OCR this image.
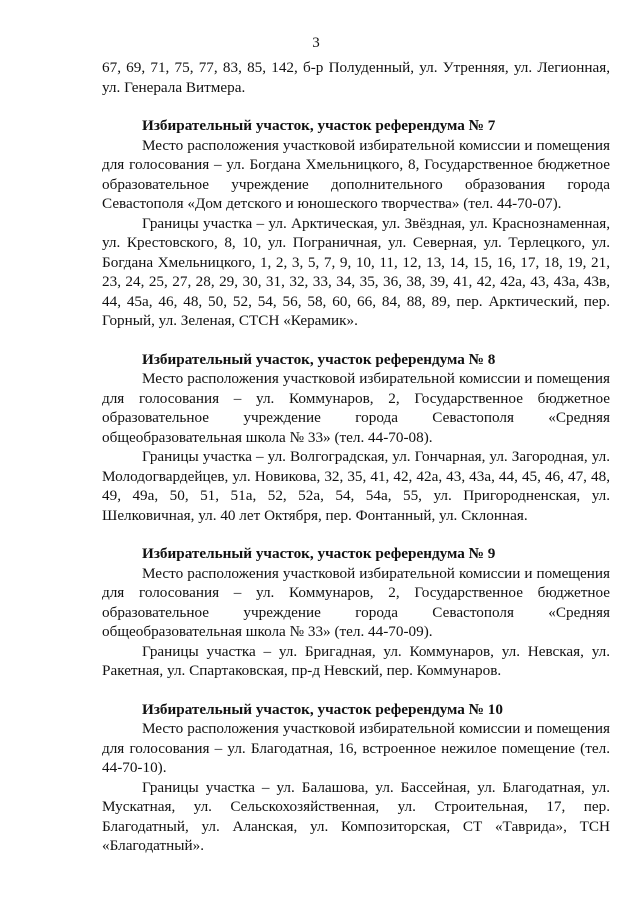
3

67, 69, 71, 75, 77, 83, 85, 142, б-р Полуденный, ул. Утренняя, ул. Легионная, ул. Генерала Витмера.

Избирательный участок, участок референдума № 7

Место расположения участковой избирательной комиссии и помещения для голосования – ул. Богдана Хмельницкого, 8, Государственное бюджетное образовательное учреждение дополнительного образования города Севастополя «Дом детского и юношеского творчества» (тел. 44-70-07).

Границы участка – ул. Арктическая, ул. Звёздная, ул. Краснознаменная, ул. Крестовского, 8, 10, ул. Пограничная, ул. Северная, ул. Терлецкого, ул. Богдана Хмельницкого, 1, 2, 3, 5, 7, 9, 10, 11, 12, 13, 14, 15, 16, 17, 18, 19, 21, 23, 24, 25, 27, 28, 29, 30, 31, 32, 33, 34, 35, 36, 38, 39, 41, 42, 42а, 43, 43а, 43в, 44, 45а, 46, 48, 50, 52, 54, 56, 58, 60, 66, 84, 88, 89, пер. Арктический, пер. Горный, ул. Зеленая, СТСН «Керамик».

Избирательный участок, участок референдума № 8

Место расположения участковой избирательной комиссии и помещения для голосования – ул. Коммунаров, 2, Государственное бюджетное образовательное учреждение города Севастополя «Средняя общеобразовательная школа № 33» (тел. 44-70-08).

Границы участка – ул. Волгоградская, ул. Гончарная, ул. Загородная, ул. Молодогвардейцев, ул. Новикова, 32, 35, 41, 42, 42а, 43, 43а, 44, 45, 46, 47, 48, 49, 49а, 50, 51, 51а, 52, 52а, 54, 54а, 55, ул. Пригородненская, ул. Шелковичная, ул. 40 лет Октября, пер. Фонтанный, ул. Склонная.

Избирательный участок, участок референдума № 9

Место расположения участковой избирательной комиссии и помещения для голосования – ул. Коммунаров, 2, Государственное бюджетное образовательное учреждение города Севастополя «Средняя общеобразовательная школа № 33» (тел. 44-70-09).

Границы участка – ул. Бригадная, ул. Коммунаров, ул. Невская, ул. Ракетная, ул. Спартаковская, пр-д Невский, пер. Коммунаров.

Избирательный участок, участок референдума № 10

Место расположения участковой избирательной комиссии и помещения для голосования – ул. Благодатная, 16, встроенное нежилое помещение (тел. 44-70-10).

Границы участка – ул. Балашова, ул. Бассейная, ул. Благодатная, ул. Мускатная, ул. Сельскохозяйственная, ул. Строительная, 17, пер. Благодатный, ул. Аланская, ул. Композиторская, СТ «Таврида», ТСН «Благодатный».
